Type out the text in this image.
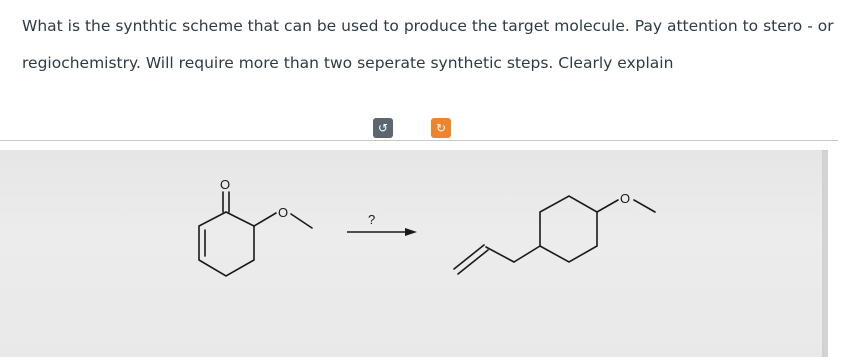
What is the synthtic scheme that can be used to produce the target molecule. Pay attention to stero - or regiochemistry. Will require more than two seperate synthetic steps. Clearly explain

↺	↻
O
O	?
O
